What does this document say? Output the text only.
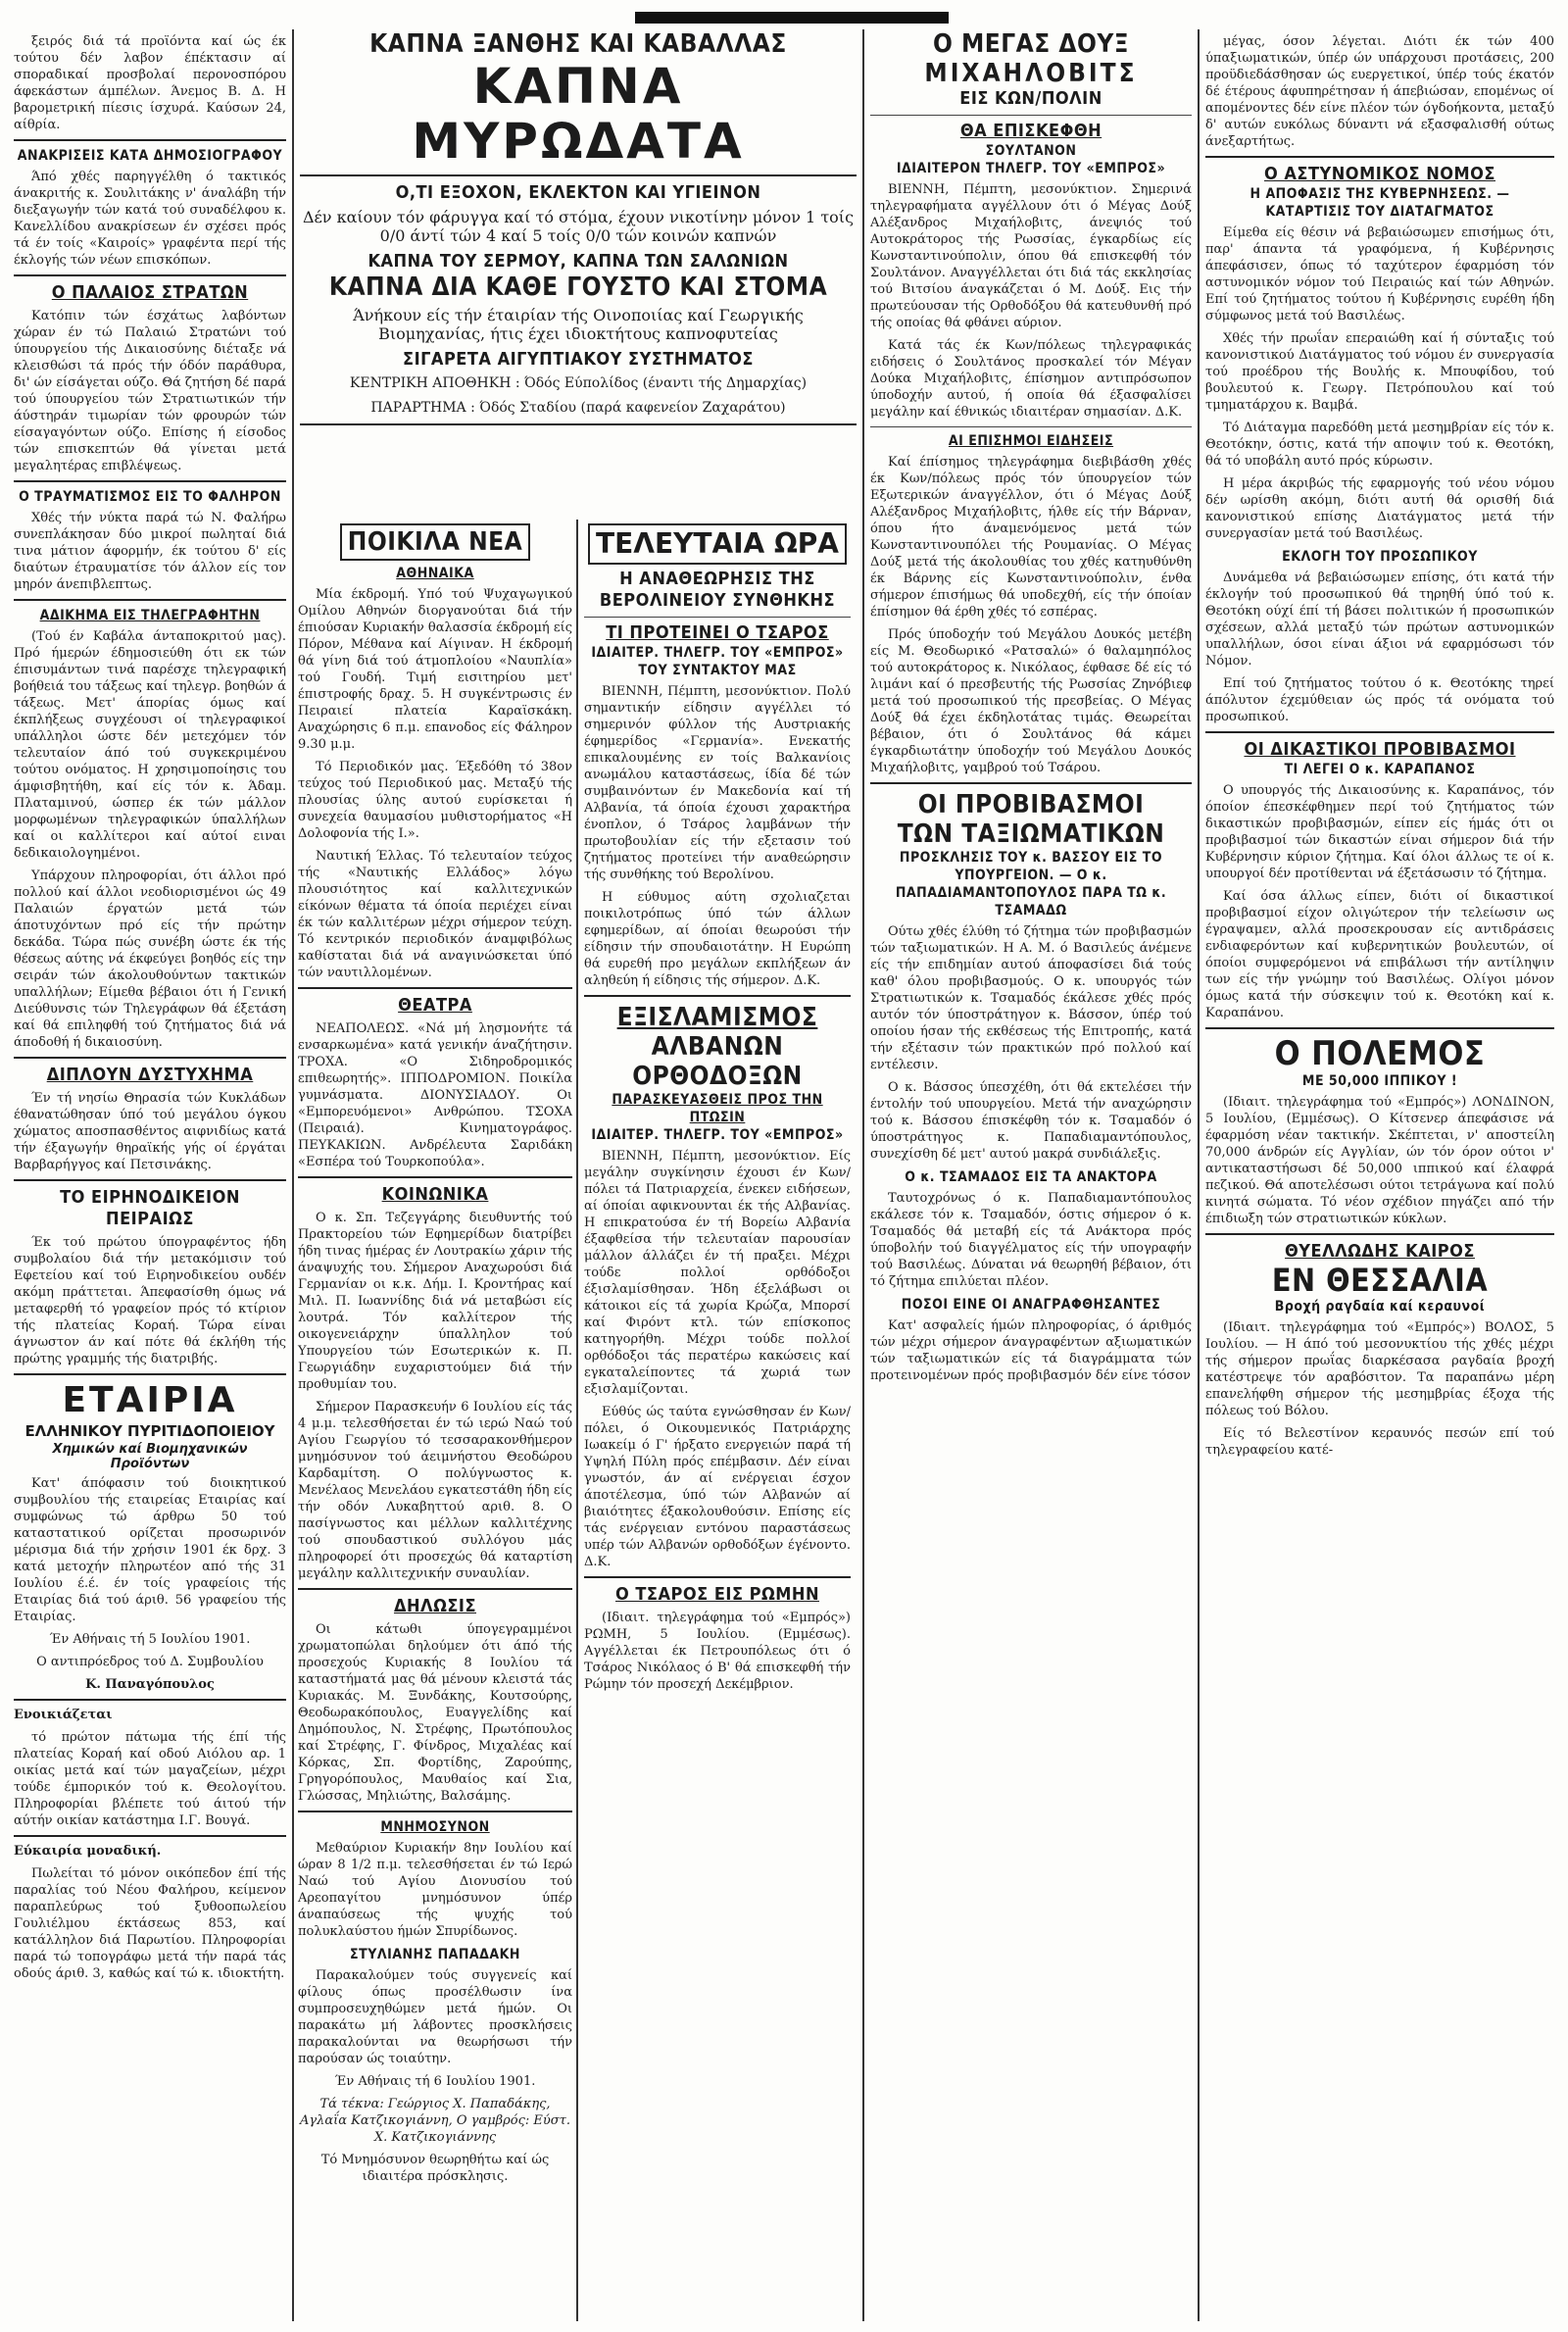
ξειρός διά τά προϊόντα καί ώς έκ τούτου δέν λαβον έπέκτασιν αί σποραδικαί προσβολαί περονοσπόρου άφεκάστων άμπέλων. Άνεμος Β. Δ. Η βαρομετρική πίεσις ίσχυρά. Καύσων 24, αίθρία.

ΑΝΑΚΡΙΣΕΙΣ ΚΑΤΑ ΔΗΜΟΣΙΟΓΡΑΦΟΥ

Άπό χθές παρηγγέλθη ό τακτικός άνακριτής κ. Σουλιτάκης ν' άναλάβη τήν διεξαγωγήν τών κατά τού συναδέλφου κ. Κανελλίδου ανακρίσεων έν σχέσει πρός τά έν τοίς «Καιροίς» γραφέντα περί τής έκλογής τών νέων επισκόπων.

Ο ΠΑΛΑΙΟΣ ΣΤΡΑΤΩΝ

Κατόπιν τών έσχάτως λαβόντων χώραν έν τώ Παλαιώ Στρατώνι τού ύπουργείου τής Δικαιοσύνης διέταξε νά κλεισθώσι τά πρός τήν όδόν παράθυρα, δι' ών είσάγεται ούζο. Θά ζητήση δέ παρά τού ύπουργείου τών Στρατιωτικών τήν άύστηράν τιμωρίαν τών φρουρών τών είσαγαγόντων ούζο. Επίσης ή είσοδος τών επισκεπτών θά γίνεται μετά μεγαλητέρας επιβλέψεως.

Ο ΤΡΑΥΜΑΤΙΣΜΟΣ ΕΙΣ ΤΟ ΦΑΛΗΡΟΝ

Χθές τήν νύκτα παρά τώ Ν. Φαλήρω συνεπλάκησαν δύο μικροί πωληταί διά τινα μάτιον άφορμήν, έκ τούτου δ' είς διαύτων έτραυματίσε τόν άλλον είς τον μηρόν άνεπιβλεπτως.

ΑΔΙΚΗΜΑ ΕΙΣ ΤΗΛΕΓΡΑΦΗΤΗΝ

(Τού έν Καβάλα άνταποκριτού μας). Πρό ήμερών έδημοσιεύθη ότι εκ τών έπισυμάντων τινά παρέσχε τηλεγραφική βοήθειά του τάξεως καί τηλεγρ. βοηθών ά τάξεως. Μετ' άπορίας όμως καί έκπλήξεως συγχέουσι οί τηλεγραφικοί υπάλληλοι ώστε δέν μετεχόμεν τόν τελευταίον άπό τού συγκεκριμένου τούτου ονόματος. Η χρησιμοποίησις του άμφισβητήθη, καί είς τόν κ. Άδαμ. Πλαταμινού, ώσπερ έκ τών μάλλον μορφωμένων τηλεγραφικών ύπαλλήλων καί οι καλλίτεροι καί αύτοί ειναι δεδικαιολογημένοι.

Υπάρχουν πληροφορίαι, ότι άλλοι πρό πολλού καί άλλοι νεοδιορισμένοι ώς 49 Παλαιών έργατών μετά τών άποτυχόντων πρό είς τήν πρώτην δεκάδα. Τώρα πώς συνέβη ώστε έκ τής θέσεως αύτης νά έκφεύγει βοηθός είς την σειράν τών άκολουθούντων τακτικών υπαλλήλων; Είμεθα βέβαιοι ότι ή Γενική Διεύθυνσις τών Τηλεγράφων θά έξετάση καί θά επιληφθή τού ζητήματος διά νά άποδοθή ή δικαιοσύνη.

ΔΙΠΛΟΥΝ ΔΥΣΤΥΧΗΜΑ

Έν τή νησίω Θηρασία τών Κυκλάδων έθανατώθησαν ύπό τού μεγάλου όγκου χώματος αποσπασθέντος αιφνιδίως κατά τήν έξαγωγήν θηραϊκής γής οί έργάται Βαρβαρήγγος καί Πετσινάκης.

ΤΟ ΕΙΡΗΝΟΔΙΚΕΙΟΝ ΠΕΙΡΑΙΩΣ

Έκ τού πρώτου ύπογραφέντος ήδη συμβολαίου διά τήν μετακόμισιν τού Εφετείου καί τού Ειρηνοδικείου ουδέν ακόμη πράττεται. Άπεφασίσθη όμως νά μεταφερθή τό γραφείον πρός τό κτίριον τής πλατείας Κοραή. Τώρα είναι άγνωστον άν καί πότε θά έκλήθη τής πρώτης γραμμής τής διατριβής.

ΕΤΑΙΡΙΑ
ΕΛΛΗΝΙΚΟΥ ΠΥΡΙΤΙΔΟΠΟΙΕΙΟΥ
Χημικών καί Βιομηχανικών Προϊόντων

Κατ' άπόφασιν τού διοικητικού συμβουλίου τής εταιρείας Εταιρίας καί συμφώνως τώ άρθρω 50 τού καταστατικού ορίζεται προσωρινόν μέρισμα διά τήν χρήσιν 1901 έκ δρχ. 3 κατά μετοχήν πληρωτέον από τής 31 Ιουλίου έ.έ. έν τοίς γραφείοις τής Εταιρίας διά τού άριθ. 56 γραφείου τής Εταιρίας.

Έν Αθήναις τή 5 Ιουλίου 1901.

Ο αντιπρόεδρος τού Δ. Συμβουλίου

Κ. Παναγόπουλος

Ενοικιάζεται

τό πρώτον πάτωμα τής έπί τής πλατείας Κοραή καί οδού Αιόλου αρ. 1 οικίας μετά καί τών μαγαζείων, μέχρι τούδε έμπορικόν τού κ. Θεολογίτου. Πληροφορίαι βλέπετε τού άιτού τήν αύτήν οικίαν κατάστημα Ι.Γ. Βουγά.

Εύκαιρία μοναδική.

Πωλείται τό μόνον οικόπεδον έπί τής παραλίας τού Νέου Φαλήρου, κείμενον παραπλεύρως τού ξυθοοπωλείου Γουλιέλμου έκτάσεως 853, καί κατάλληλον διά Παρωτίου. Πληροφορίαι παρά τώ τοπογράφω μετά τήν παρά τάς οδούς άριθ. 3, καθώς καί τώ κ. ιδιοκτήτη.

ΚΑΠΝΑ ΞΑΝΘΗΣ ΚΑΙ ΚΑΒΑΛΛΑΣ
ΚΑΠΝΑ ΜΥΡΩΔΑΤΑ
Ο,ΤΙ ΕΞΟΧΟΝ, ΕΚΛΕΚΤΟΝ ΚΑΙ ΥΓΙΕΙΝΟΝ

Δέν καίουν τόν φάρυγγα καί τό στόμα, έχουν νικοτίνην μόνον 1 τοίς 0/0 άντί τών 4 καί 5 τοίς 0/0 τών κοινών καπνών

ΚΑΠΝΑ ΤΟΥ ΣΕΡΜΟΥ, ΚΑΠΝΑ ΤΩΝ ΣΑΛΩΝΙΩΝ
ΚΑΠΝΑ ΔΙΑ ΚΑΘΕ ΓΟΥΣΤΟ ΚΑΙ ΣΤΟΜΑ

Άνήκουν είς τήν έταιρίαν τής Οινοποιίας καί Γεωργικής Βιομηχανίας, ήτις έχει ιδιοκτήτους καπνοφυτείας

ΣΙΓΑΡΕΤΑ ΑΙΓΥΠΤΙΑΚΟΥ ΣΥΣΤΗΜΑΤΟΣ

ΚΕΝΤΡΙΚΗ ΑΠΟΘΗΚΗ : Όδός Εύπολίδος (έναντι τής Δημαρχίας)

ΠΑΡΑΡΤΗΜΑ : Όδός Σταδίου (παρά καφενείον Ζαχαράτου)

ΠΟΙΚΙΛΑ ΝΕΑ
ΑΘΗΝΑΙΚΑ

Μία έκδρομή. Υπό τού Ψυχαγωγικού Ομίλου Αθηνών διοργανούται διά τήν έπιούσαν Κυριακήν θαλασσία έκδρομή είς Πόρον, Μέθανα καί Αίγιναν. Η έκδρομή θά γίνη διά τού άτμοπλοίου «Ναυπλία» τού Γουδή. Τιμή εισιτηρίου μετ' έπιστροφής δραχ. 5. Η συγκέντρωσις έν Πειραιεί πλατεία Καραϊσκάκη. Αναχώρησις 6 π.μ. επανοδος είς Φάληρον 9.30 μ.μ.

Τό Περιοδικόν μας. Έξεδόθη τό 38ον τεύχος τού Περιοδικού μας. Μεταξύ τής πλουσίας ύλης αυτού ευρίσκεται ή συνεχεία θαυμασίου μυθιστορήματος «Η Δολοφονία τής Ι.».

Ναυτική Έλλας. Τό τελευταίον τεύχος τής «Ναυτικής Ελλάδος» λόγω πλουσιότητος καί καλλιτεχνικών είκόνων θέματα τά όποία περιέχει είναι έκ τών καλλιτέρων μέχρι σήμερον τεύχη. Τό κεντρικόν περιοδικόν άναμφιβόλως καθίσταται διά νά αναγινώσκεται ύπό τών ναυτιλλομένων.

ΘΕΑΤΡΑ

ΝΕΑΠΟΛΕΩΣ. «Νά μή λησμονήτε τά ενσαρκωμένα» κατά γενικήν άναζήτησιν. ΤΡΟΧΑ. «Ο Σιδηροδρομικός επιθεωρητής». ΙΠΠΟΔΡΟΜΙΟΝ. Ποικίλα γυμνάσματα. ΔΙΟΝΥΣΙΑΔΟΥ. Οι «Εμπορευόμενοι» Ανθρώπου. ΤΣΟΧΑ (Πειραιά). Κινηματογράφος. ΠΕΥΚΑΚΙΩΝ. Ανδρέλευτα Σαριδάκη «Εσπέρα τού Τουρκοπούλα».

ΚΟΙΝΩΝΙΚΑ

Ο κ. Σπ. Τεζεγγάρης διευθυντής τού Πρακτορείου τών Εφημερίδων διατρίβει ήδη τινας ήμέρας έν Λουτρακίω χάριν τής άναψυχής του. Σήμερον Αναχωρούσι διά Γερμανίαν οι κ.κ. Δήμ. Ι. Κροντήρας καί Μιλ. Π. Ιωαννίδης διά νά μεταβώσι είς λουτρά. Τόν καλλίτερον τής οικογενειάρχην ύπαλληλον τού Υπουργείου τών Εσωτερικών κ. Π. Γεωργιάδην ευχαριστούμεν διά τήν προθυμίαν του.

Σήμερον Παρασκευήν 6 Ιουλίου είς τάς 4 μ.μ. τελεσθήσεται έν τώ ιερώ Ναώ τού Αγίου Γεωργίου τό τεσσαρακονθήμερον μνημόσυνον τού άειμνήστου Θεοδώρου Καρδαμίτση. Ο πολύγνωστος κ. Μενέλαος Μενελάου εγκατεστάθη ήδη είς τήν οδόν Λυκαβηττού αριθ. 8. Ο πασίγνωστος και μέλλων καλλιτέχνης τού σπουδαστικού συλλόγου μάς πληροφορεί ότι προσεχώς θά καταρτίση μεγάλην καλλιτεχνικήν συναυλίαν.

ΔΗΛΩΣΙΣ

Οι κάτωθι ύπογεγραμμένοι χρωματοπώλαι δηλούμεν ότι άπό τής προσεχούς Κυριακής 8 Ιουλίου τά καταστήματά μας θά μένουν κλειστά τάς Κυριακάς. Μ. Ξυνδάκης, Κουτσούρης, Θεοδωρακόπουλος, Ευαγγελίδης καί Δημόπουλος, Ν. Στρέφης, Πρωτόπουλος καί Στρέφης, Γ. Φίνδρος, Μιχαλέας καί Κόρκας, Σπ. Φορτίδης, Ζαρούπης, Γρηγορόπουλος, Μαυθαίος καί Σια, Γλώσσας, Μηλιώτης, Βαλσάμης.

ΜΝΗΜΟΣΥΝΟΝ

Μεθαύριον Κυριακήν 8ην Ιουλίου καί ώραν 8 1/2 π.μ. τελεσθήσεται έν τώ Ιερώ Ναώ τού Αγίου Διονυσίου τού Αρεοπαγίτου μνημόσυνον ύπέρ άναπαύσεως τής ψυχής τού πολυκλαύστου ήμών Σπυρίδωνος.

ΣΤΥΛΙΑΝΗΣ ΠΑΠΑΔΑΚΗ

Παρακαλούμεν τούς συγγενείς καί φίλους όπως προσέλθωσιν ίνα συμπροσευχηθώμεν μετά ήμών. Οι παρακάτω μή λάβοντες προσκλήσεις παρακαλούνται να θεωρήσωσι τήν παρούσαν ώς τοιαύτην.

Έν Αθήναις τή 6 Ιουλίου 1901.

Τά τέκνα: Γεώργιος Χ. Παπαδάκης, Αγλαΐα Κατζικογιάννη, Ο γαμβρός: Εύστ. Χ. Κατζικογιάννης

Τό Μνημόσυνον θεωρηθήτω καί ώς ιδιαιτέρα πρόσκλησις.

ΤΕΛΕΥΤΑΙΑ ΩΡΑ
Η ΑΝΑΘΕΩΡΗΣΙΣ ΤΗΣ ΒΕΡΟΛΙΝΕΙΟΥ ΣΥΝΘΗΚΗΣ
ΤΙ ΠΡΟΤΕΙΝΕΙ Ο ΤΣΑΡΟΣ
ΙΔΙΑΙΤΕΡ. ΤΗΛΕΓΡ. ΤΟΥ «ΕΜΠΡΟΣ» ΤΟΥ ΣΥΝΤΑΚΤΟΥ ΜΑΣ

ΒΙΕΝΝΗ, Πέμπτη, μεσονύκτιον. Πολύ σημαντικήν είδησιν αγγέλλει τό σημερινόν φύλλον τής Αυστριακής έφημερίδος «Γερμανία». Ενεκατής επικαλουμένης εν τοίς Βαλκανίοις ανωμάλου καταστάσεως, ίδία δέ τών συμβαινόντων έν Μακεδονία καί τή Αλβανία, τά όποία έχουσι χαρακτήρα ένοπλον, ό Τσάρος λαμβάνων τήν πρωτοβουλίαν είς τήν εξετασιν τού ζητήματος προτείνει τήν αναθεώρησιν τής συνθήκης τού Βερολίνου.

Η εύθυμος αύτη σχολιαζεται ποικιλοτρόπως ύπό τών άλλων εφημερίδων, αί όποίαι θεωρούσι τήν είδησιν τήν σπουδαιοτάτην. Η Ευρώπη θά ευρεθή προ μεγάλων εκπλήξεων άν αληθεύη ή είδησις τής σήμερον. Δ.Κ.

ΕΞΙΣΛΑΜΙΣΜΟΣ
ΑΛΒΑΝΩΝ ΟΡΘΟΔΟΞΩΝ
ΠΑΡΑΣΚΕΥΑΣΘΕΙΣ ΠΡΟΣ ΤΗΝ ΠΤΩΣΙΝ
ΙΔΙΑΙΤΕΡ. ΤΗΛΕΓΡ. ΤΟΥ «ΕΜΠΡΟΣ»

ΒΙΕΝΝΗ, Πέμπτη, μεσονύκτιον. Είς μεγάλην συγκίνησιν έχουσι έν Κων/πόλει τά Πατριαρχεία, ένεκεν ειδήσεων, αί όποίαι αφικνουνται έκ τής Αλβανίας. Η επικρατούσα έν τή Βορείω Αλβανία έξαφθείσα τήν τελευταίαν παρουσίαν μάλλον άλλάζει έν τή πραξει. Μέχρι τούδε πολλοί ορθόδοξοι έξισλαμίσθησαν. Ήδη έξελάβωσι οι κάτοικοι είς τά χωρία Κρώζα, Μπορσί καί Φιρόντ κτλ. τών επίσκοπος κατηγορήθη. Μέχρι τούδε πολλοί ορθόδοξοι τάς περατέρω κακώσεις καί εγκαταλείποντες τά χωριά των εξισλαμίζονται.

Εύθύς ώς ταύτα εγνώσθησαν έν Κων/πόλει, ό Οικουμενικός Πατριάρχης Ιωακείμ ό Γ' ήρξατο ενεργειών παρά τή Υψηλή Πύλη πρός επέμβασιν. Δέν είναι γνωστόν, άν αί ενέργειαι έσχον άποτέλεσμα, ύπό τών Αλβανών αί βιαιότητες έξακολουθούσιν. Επίσης είς τάς ενέργειαν εντόνου παραστάσεως υπέρ τών Αλβανών ορθοδόξων έγένοντο. Δ.Κ.

Ο ΤΣΑΡΟΣ ΕΙΣ ΡΩΜΗΝ

(Ιδιαιτ. τηλεγράφημα τού «Εμπρός») ΡΩΜΗ, 5 Ιουλίου. (Εμμέσως). Αγγέλλεται έκ Πετρουπόλεως ότι ό Τσάρος Νικόλαος ό Β' θά επισκεφθή τήν Ρώμην τόν προσεχή Δεκέμβριον.

Ο ΜΕΓΑΣ ΔΟΥΞ
ΜΙΧΑΗΛΟΒΙΤΣ
ΕΙΣ ΚΩΝ/ΠΟΛΙΝ
ΘΑ ΕΠΙΣΚΕΦΘΗ
ΣΟΥΛΤΑΝΟΝ
ΙΔΙΑΙΤΕΡΟΝ ΤΗΛΕΓΡ. ΤΟΥ «ΕΜΠΡΟΣ»

ΒΙΕΝΝΗ, Πέμπτη, μεσονύκτιον. Σημερινά τηλεγραφήματα αγγέλλουν ότι ό Μέγας Δούξ Αλέξανδρος Μιχαήλοβιτς, άνεψιός τού Αυτοκράτορος τής Ρωσσίας, έγκαρδίως είς Κωνσταντινούπολιν, όπου θά επισκεφθή τόν Σουλτάνον. Αναγγέλλεται ότι διά τάς εκκλησίας τού Βιτσίου άναγκάζεται ό Μ. Δούξ. Εις τήν πρωτεύουσαν τής Ορθοδόξου θά κατευθυνθή πρό τής οποίας θά φθάνει αύριον.

Κατά τάς έκ Κων/πόλεως τηλεγραφικάς ειδήσεις ό Σουλτάνος προσκαλεί τόν Μέγαν Δούκα Μιχαήλοβιτς, έπίσημον αντιπρόσωπον ύποδοχήν αυτού, ή οποία θά έξασφαλίσει μεγάλην καί έθνικώς ιδιαιτέραν σημασίαν. Δ.Κ.

ΑΙ ΕΠΙΣΗΜΟΙ ΕΙΔΗΣΕΙΣ

Καί έπίσημος τηλεγράφημα διεβιβάσθη χθές έκ Κων/πόλεως πρός τόν ύπουργείον τών Εξωτερικών άναγγέλλον, ότι ό Μέγας Δούξ Αλέξανδρος Μιχαήλοβιτς, ήλθε είς τήν Βάρναν, όπου ήτο άναμενόμενος μετά τών Κωνσταντινουπόλει τής Ρουμανίας. Ο Μέγας Δούξ μετά τής άκολουθίας του χθές κατηυθύνθη έκ Βάρνης είς Κωνσταντινούπολιν, ένθα σήμερον έπισήμως θά υποδεχθή, είς τήν όποίαν έπίσημον θά έρθη χθές τό εσπέρας.

Πρός ύποδοχήν τού Μεγάλου Δουκός μετέβη είς Μ. Θεοδωρικό «Ρατσαλώ» ό θαλαμηπόλος τού αυτοκράτορος κ. Νικόλαος, έφθασε δέ είς τό λιμάνι καί ό πρεσβευτής τής Ρωσσίας Ζηνόβιεφ μετά τού προσωπικού τής πρεσβείας. Ο Μέγας Δούξ θά έχει έκδηλοτάτας τιμάς. Θεωρείται βέβαιον, ότι ό Σουλτάνος θά κάμει έγκαρδιωτάτην ύποδοχήν τού Μεγάλου Δουκός Μιχαήλοβιτς, γαμβρού τού Τσάρου.

ΟΙ ΠΡΟΒΙΒΑΣΜΟΙ
ΤΩΝ ΤΑΞΙΩΜΑΤΙΚΩΝ
ΠΡΟΣΚΛΗΣΙΣ ΤΟΥ κ. ΒΑΣΣΟΥ ΕΙΣ ΤΟ ΥΠΟΥΡΓΕΙΟΝ. — Ο κ. ΠΑΠΑΔΙΑΜΑΝΤΟΠΟΥΛΟΣ ΠΑΡΑ ΤΩ κ. ΤΣΑΜΑΔΩ

Ούτω χθές έλύθη τό ζήτημα τών προβιβασμών τών ταξιωματικών. Η Α. Μ. ό Βασιλεύς άνέμενε είς τήν επιδημίαν αυτού άποφασίσει διά τούς καθ' όλου προβιβασμούς. Ο κ. υπουργός τών Στρατιωτικών κ. Τσαμαδός έκάλεσε χθές πρός αυτόν τόν ύποστράτηγον κ. Βάσσον, ύπέρ τού οποίου ήσαν τής εκθέσεως τής Επιτροπής, κατά τήν εξέτασιν τών πρακτικών πρό πολλού καί εντέλεσιν.

Ο κ. Βάσσος ύπεσχέθη, ότι θά εκτελέσει τήν έντολήν τού υπουργείου. Μετά τήν αναχώρησιν τού κ. Βάσσου έπισκέφθη τόν κ. Τσαμαδόν ό ύποστράτηγος κ. Παπαδιαμαντόπουλος, συνεχίσθη δέ μετ' αυτού μακρά συνδιάλεξις.

Ο κ. ΤΣΑΜΑΔΟΣ ΕΙΣ ΤΑ ΑΝΑΚΤΟΡΑ

Ταυτοχρόνως ό κ. Παπαδιαμαντόπουλος εκάλεσε τόν κ. Τσαμαδόν, όστις σήμερον ό κ. Τσαμαδός θά μεταβή είς τά Ανάκτορα πρός ύποβολήν τού διαγγέλματος είς τήν υπογραφήν τού Βασιλέως. Δύναται νά θεωρηθή βέβαιον, ότι τό ζήτημα επιλύεται πλέον.

ΠΟΣΟΙ ΕΙΝΕ ΟΙ ΑΝΑΓΡΑΦΘΗΣΑΝΤΕΣ

Κατ' ασφαλείς ήμών πληροφορίας, ό άριθμός τών μέχρι σήμερον άναγραφέντων αξιωματικών τών ταξιωματικών είς τά διαγράμματα τών προτεινομένων πρός προβιβασμόν δέν είνε τόσον

μέγας, όσον λέγεται. Διότι έκ τών 400 ύπαξιωματικών, ύπέρ ών υπάρχουσι προτάσεις, 200 προϋδιεδάσθησαν ώς ευεργετικοί, ύπέρ τούς έκατόν δέ έτέρους άφυπηρέτησαν ή άπεβιώσαν, επομένως οί απομένοντες δέν είνε πλέον τών όγδοήκοντα, μεταξύ δ' αυτών ευκόλως δύναντι νά εξασφαλισθή ούτως άνεξαρτήτως.

Ο ΑΣΤΥΝΟΜΙΚΟΣ ΝΟΜΟΣ
Η ΑΠΟΦΑΣΙΣ ΤΗΣ ΚΥΒΕΡΝΗΣΕΩΣ. — ΚΑΤΑΡΤΙΣΙΣ ΤΟΥ ΔΙΑΤΑΓΜΑΤΟΣ

Είμεθα είς θέσιν νά βεβαιώσωμεν επισήμως ότι, παρ' άπαντα τά γραφόμενα, ή Κυβέρνησις άπεφάσισεν, όπως τό ταχύτερον έφαρμόση τόν αστυνομικόν νόμον τού Πειραιώς καί τών Αθηνών. Επί τού ζητήματος τούτου ή Κυβέρνησις ευρέθη ήδη σύμφωνος μετά τού Βασιλέως.

Χθές τήν πρωΐαν επεραιώθη καί ή σύνταξις τού κανονιστικού Διατάγματος τού νόμου έν συνεργασία τού προέδρου τής Βουλής κ. Μπουφίδου, τού βουλευτού κ. Γεωργ. Πετρόπουλου καί τού τμηματάρχου κ. Βαμβά.

Τό Διάταγμα παρεδόθη μετά μεσημβρίαν είς τόν κ. Θεοτόκην, όστις, κατά τήν αποψιν τού κ. Θεοτόκη, θά τό υποβάλη αυτό πρός κύρωσιν.

Η μέρα άκριβώς τής εφαρμογής τού νέου νόμου δέν ωρίσθη ακόμη, διότι αυτή θά ορισθή διά κανονιστικού επίσης Διατάγματος μετά τήν συνεργασίαν μετά τού Βασιλέως.

ΕΚΛΟΓΗ ΤΟΥ ΠΡΟΣΩΠΙΚΟΥ

Δυνάμεθα νά βεβαιώσωμεν επίσης, ότι κατά τήν έκλογήν τού προσωπικού θά τηρηθή ύπό τού κ. Θεοτόκη ούχί έπί τή βάσει πολιτικών ή προσωπικών σχέσεων, αλλά μεταξύ τών πρώτων αστυνομικών υπαλλήλων, όσοι είναι άξιοι νά εφαρμόσωσι τόν Νόμον.

Επί τού ζητήματος τούτου ό κ. Θεοτόκης τηρεί άπόλυτον έχεμύθειαν ώς πρός τά ονόματα τού προσωπικού.

ΟΙ ΔΙΚΑΣΤΙΚΟΙ ΠΡΟΒΙΒΑΣΜΟΙ
ΤΙ ΛΕΓΕΙ Ο κ. ΚΑΡΑΠΑΝΟΣ

Ο υπουργός τής Δικαιοσύνης κ. Καραπάνος, τόν όποίον έπεσκέφθημεν περί τού ζητήματος τών δικαστικών προβιβασμών, είπεν είς ήμάς ότι οι προβιβασμοί τών δικαστών είναι σήμερον διά τήν Κυβέρνησιν κύριον ζήτημα. Καί όλοι άλλως τε οί κ. υπουργοί δέν προτίθενται νά έξετάσωσιν τό ζήτημα.

Καί όσα άλλως είπεν, διότι οί δικαστικοί προβιβασμοί είχον ολιγώτερον τήν τελείωσιν ως έγραψαμεν, αλλά προσεκρουσαν είς αντιδράσεις ενδιαφερόντων καί κυβερνητικών βουλευτών, οί όποίοι συμφερόμενοι νά επιβάλωσι τήν αντίληψιν των είς τήν γνώμην τού Βασιλέως. Ολίγοι μόνον όμως κατά τήν σύσκεψιν τού κ. Θεοτόκη καί κ. Καραπάνου.

Ο ΠΟΛΕΜΟΣ
ΜΕ 50,000 ΙΠΠΙΚΟΥ !

(Ιδιαιτ. τηλεγράφημα τού «Εμπρός») ΛΟΝΔΙΝΟΝ, 5 Ιουλίου, (Εμμέσως). Ο Κίτσενερ άπεφάσισε νά έφαρμόση νέαν τακτικήν. Σκέπτεται, ν' αποστείλη 70,000 άνδρών είς Αγγλίαν, ών τόν όρον ούτοι ν' αντικαταστήσωσι δέ 50,000 ιππικού καί έλαφρά πεζικού. Θά αποτελέσωσι ούτοι τετράγωνα καί πολύ κινητά σώματα. Τό νέον σχέδιον πηγάζει από τήν έπιδιωξη τών στρατιωτικών κύκλων.

ΘΥΕΛΛΩΔΗΣ ΚΑΙΡΟΣ
ΕΝ ΘΕΣΣΑΛΙΑ
Βροχή ραγδαία καί κεραυνοί

(Ιδιαιτ. τηλεγράφημα τού «Εμπρός») ΒΟΛΟΣ, 5 Ιουλίου. — Η άπό τού μεσονυκτίου τής χθές μέχρι τής σήμερον πρωΐας διαρκέσασα ραγδαία βροχή κατέστρεψε τόν αραβόσιτον. Τα παραπάνω μέρη επανελήφθη σήμερον τής μεσημβρίας έξοχα τής πόλεως τού Βόλου.

Είς τό Βελεστίνον κεραυνός πεσών επί τού τηλεγραφείου κατέ-
